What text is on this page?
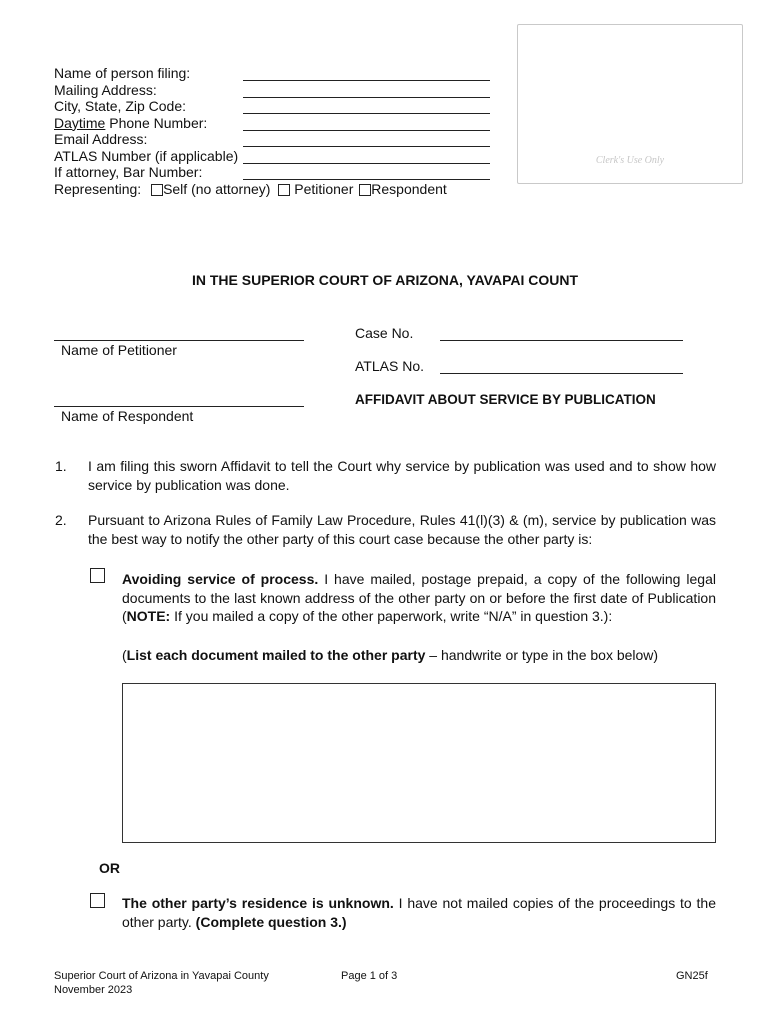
Name of person filing:
Mailing Address:
City, State, Zip Code:
Daytime Phone Number:
Email Address:
ATLAS Number (if applicable)
If attorney, Bar Number:
Representing: Self (no attorney) Petitioner Respondent
Clerk's Use Only
IN THE SUPERIOR COURT OF ARIZONA, YAVAPAI COUNT
Name of Petitioner
Name of Respondent
Case No.
ATLAS No.
AFFIDAVIT ABOUT SERVICE BY PUBLICATION
1. I am filing this sworn Affidavit to tell the Court why service by publication was used and to show how service by publication was done.
2. Pursuant to Arizona Rules of Family Law Procedure, Rules 41(l)(3) & (m), service by publication was the best way to notify the other party of this court case because the other party is:
Avoiding service of process. I have mailed, postage prepaid, a copy of the following legal documents to the last known address of the other party on or before the first date of Publication (NOTE: If you mailed a copy of the other paperwork, write “N/A” in question 3.):
(List each document mailed to the other party – handwrite or type in the box below)
OR
The other party’s residence is unknown. I have not mailed copies of the proceedings to the other party. (Complete question 3.)
Superior Court of Arizona in Yavapai County
November 2023
Page 1 of 3	GN25f
